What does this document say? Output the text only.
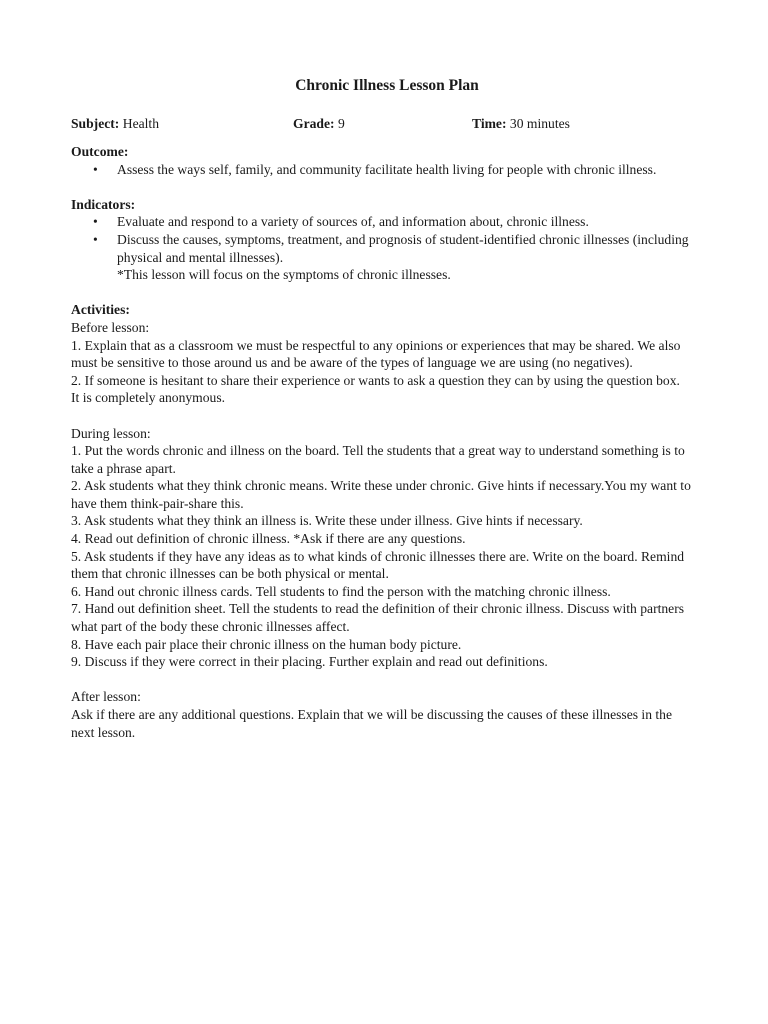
Chronic Illness Lesson Plan
Subject: Health	Grade: 9	Time: 30 minutes

Outcome:

• Assess the ways self, family, and community facilitate health living for people with chronic illness.

Indicators:

• Evaluate and respond to a variety of sources of, and information about, chronic illness.
• Discuss the causes, symptoms, treatment, and prognosis of student-identified chronic illnesses (including physical and mental illnesses).

*This lesson will focus on the symptoms of chronic illnesses.

Activities:

Before lesson:

1. Explain that as a classroom we must be respectful to any opinions or experiences that may be shared. We also must be sensitive to those around us and be aware of the types of language we are using (no negatives).

2. If someone is hesitant to share their experience or wants to ask a question they can by using the question box. It is completely anonymous.

During lesson:

1. Put the words chronic and illness on the board. Tell the students that a great way to understand something is to take a phrase apart.

2. Ask students what they think chronic means. Write these under chronic. Give hints if necessary.You my want to have them think-pair-share this.

3. Ask students what they think an illness is. Write these under illness. Give hints if necessary.

4. Read out definition of chronic illness. *Ask if there are any questions.

5. Ask students if they have any ideas as to what kinds of chronic illnesses there are. Write on the board. Remind them that chronic illnesses can be both physical or mental.

6. Hand out chronic illness cards. Tell students to find the person with the matching chronic illness.

7. Hand out definition sheet. Tell the students to read the definition of their chronic illness. Discuss with partners what part of the body these chronic illnesses affect.

8. Have each pair place their chronic illness on the human body picture.

9. Discuss if they were correct in their placing. Further explain and read out definitions.

After lesson:

Ask if there are any additional questions. Explain that we will be discussing the causes of these illnesses in the next lesson.
